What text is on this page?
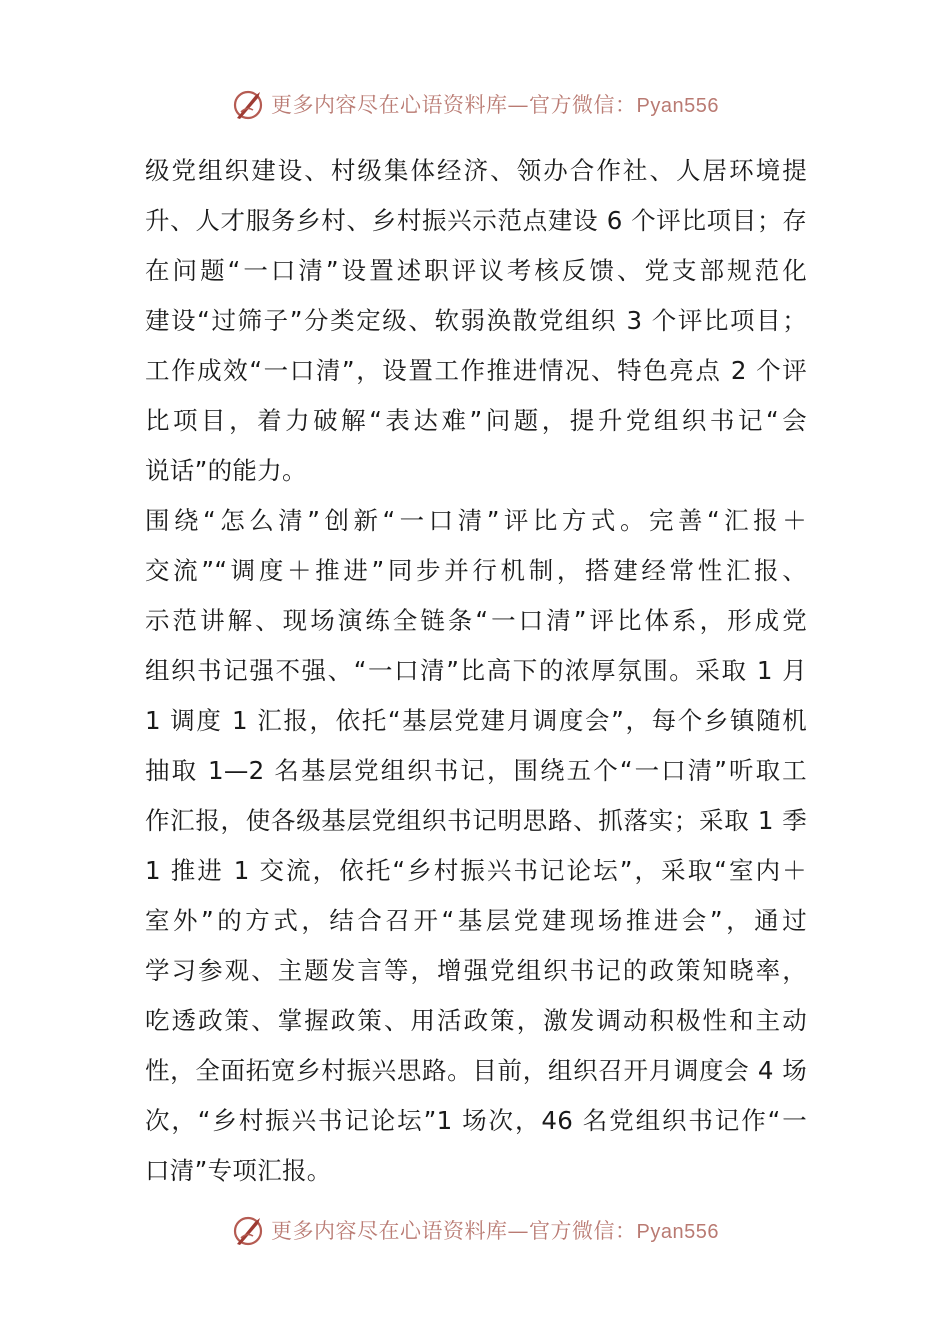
更多内容尽在心语资料库—官方微信：Pyan556
级党组织建设、村级集体经济、领办合作社、人居环境提
升、人才服务乡村、乡村振兴示范点建设 6 个评比项目；存
在问题“一口清”设置述职评议考核反馈、党支部规范化
建设“过筛子”分类定级、软弱涣散党组织 3 个评比项目；
工作成效“一口清”，设置工作推进情况、特色亮点 2 个评
比项目，着力破解“表达难”问题，提升党组织书记“会
说话”的能力。
围绕“怎么清”创新“一口清”评比方式。完善“汇报＋
交流”“调度＋推进”同步并行机制，搭建经常性汇报、
示范讲解、现场演练全链条“一口清”评比体系，形成党
组织书记强不强、“一口清”比高下的浓厚氛围。采取 1 月
1 调度 1 汇报，依托“基层党建月调度会”，每个乡镇随机
抽取 1—2 名基层党组织书记，围绕五个“一口清”听取工
作汇报，使各级基层党组织书记明思路、抓落实；采取 1 季
1 推进 1 交流，依托“乡村振兴书记论坛”，采取“室内＋
室外”的方式，结合召开“基层党建现场推进会”，通过
学习参观、主题发言等，增强党组织书记的政策知晓率，
吃透政策、掌握政策、用活政策，激发调动积极性和主动
性，全面拓宽乡村振兴思路。目前，组织召开月调度会 4 场
次，“乡村振兴书记论坛”1 场次，46 名党组织书记作“一
口清”专项汇报。
更多内容尽在心语资料库—官方微信：Pyan556
